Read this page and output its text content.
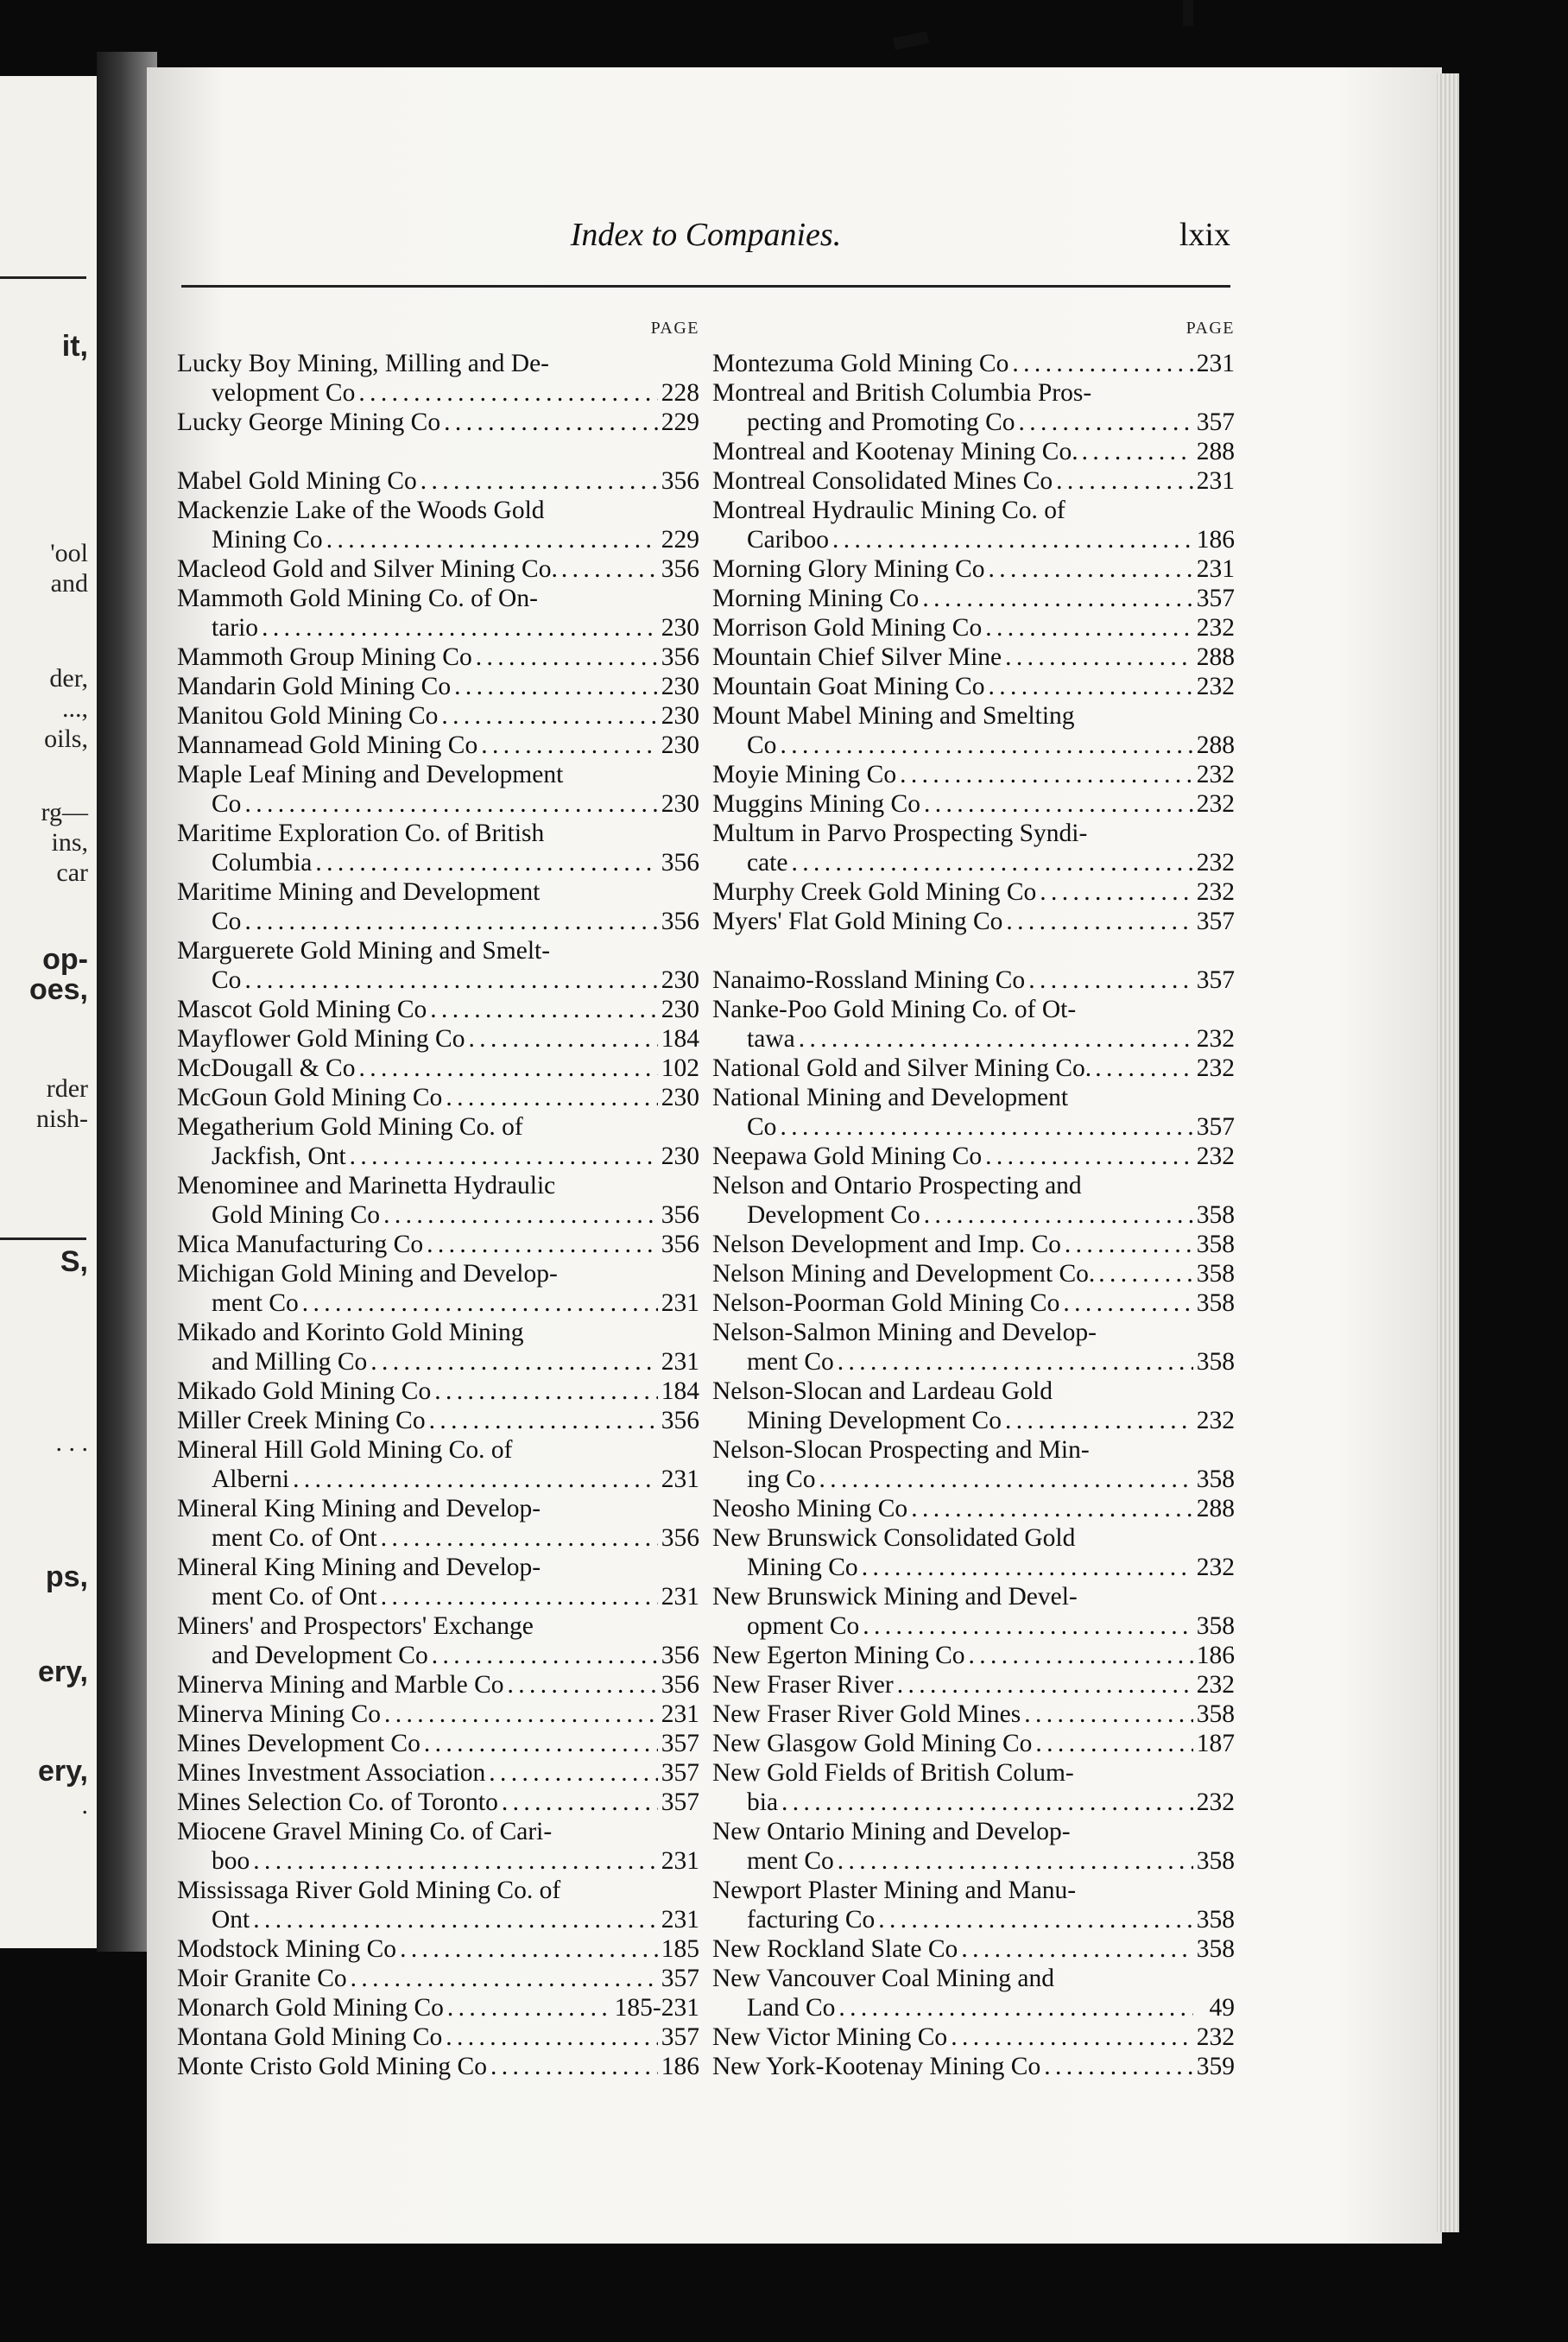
it,
'ool
and
der,
...,
oils,
rg—
ins,
car
op-
oes,
rder
nish-
S,
. . .
ps,
ery,
ery,
.
Index to Companies.	lxix
PAGE
Lucky Boy Mining, Milling and De-
velopment Co . . .	228
Lucky George Mining Co . . .	229
Mabel Gold Mining Co . . .	356
Mackenzie Lake of the Woods Gold
Mining Co . . .	229
Macleod Gold and Silver Mining Co. . . .	356
Mammoth Gold Mining Co. of On-
tario . . .	230
Mammoth Group Mining Co . . .	356
Mandarin Gold Mining Co . . .	230
Manitou Gold Mining Co . . .	230
Mannamead Gold Mining Co . . .	230
Maple Leaf Mining and Development
Co . . .	230
Maritime Exploration Co. of British
Columbia . . .	356
Maritime Mining and Development
Co . . .	356
Marguerete Gold Mining and Smelt-
Co . . .	230
Mascot Gold Mining Co . . .	230
Mayflower Gold Mining Co . . .	184
McDougall & Co . . .	102
McGoun Gold Mining Co . . .	230
Megatherium Gold Mining Co. of
Jackfish, Ont . . .	230
Menominee and Marinetta Hydraulic
Gold Mining Co . . .	356
Mica Manufacturing Co . . .	356
Michigan Gold Mining and Develop-
ment Co . . .	231
Mikado and Korinto Gold Mining
and Milling Co . . .	231
Mikado Gold Mining Co . . .	184
Miller Creek Mining Co . . .	356
Mineral Hill Gold Mining Co. of
Alberni . . .	231
Mineral King Mining and Develop-
ment Co. of Ont . . .	356
Mineral King Mining and Develop-
ment Co. of Ont . . .	231
Miners' and Prospectors' Exchange
and Development Co . . .	356
Minerva Mining and Marble Co . . .	356
Minerva Mining Co . . .	231
Mines Development Co . . .	357
Mines Investment Association . . .	357
Mines Selection Co. of Toronto . . .	357
Miocene Gravel Mining Co. of Cari-
boo . . .	231
Mississaga River Gold Mining Co. of
Ont . . .	231
Modstock Mining Co . . .	185
Moir Granite Co . . .	357
Monarch Gold Mining Co . . .	185-231
Montana Gold Mining Co . . .	357
Monte Cristo Gold Mining Co . . .	186
PAGE
Montezuma Gold Mining Co . . .	231
Montreal and British Columbia Pros-
pecting and Promoting Co . . .	357
Montreal and Kootenay Mining Co. . . .	288
Montreal Consolidated Mines Co . . .	231
Montreal Hydraulic Mining Co. of
Cariboo . . .	186
Morning Glory Mining Co . . .	231
Morning Mining Co . . .	357
Morrison Gold Mining Co . . .	232
Mountain Chief Silver Mine . . .	288
Mountain Goat Mining Co . . .	232
Mount Mabel Mining and Smelting
Co . . .	288
Moyie Mining Co . . .	232
Muggins Mining Co . . .	232
Multum in Parvo Prospecting Syndi-
cate . . .	232
Murphy Creek Gold Mining Co . . .	232
Myers' Flat Gold Mining Co . . .	357
Nanaimo-Rossland Mining Co . . .	357
Nanke-Poo Gold Mining Co. of Ot-
tawa . . .	232
National Gold and Silver Mining Co. . . .	232
National Mining and Development
Co . . .	357
Neepawa Gold Mining Co . . .	232
Nelson and Ontario Prospecting and
Development Co . . .	358
Nelson Development and Imp. Co . . .	358
Nelson Mining and Development Co. . . .	358
Nelson-Poorman Gold Mining Co . . .	358
Nelson-Salmon Mining and Develop-
ment Co . . .	358
Nelson-Slocan and Lardeau Gold
Mining Development Co . . .	232
Nelson-Slocan Prospecting and Min-
ing Co . . .	358
Neosho Mining Co . . .	288
New Brunswick Consolidated Gold
Mining Co . . .	232
New Brunswick Mining and Devel-
opment Co . . .	358
New Egerton Mining Co . . .	186
New Fraser River . . .	232
New Fraser River Gold Mines . . .	358
New Glasgow Gold Mining Co . . .	187
New Gold Fields of British Colum-
bia . . .	232
New Ontario Mining and Develop-
ment Co . . .	358
Newport Plaster Mining and Manu-
facturing Co . . .	358
New Rockland Slate Co . . .	358
New Vancouver Coal Mining and
Land Co . . .	49
New Victor Mining Co . . .	232
New York-Kootenay Mining Co . . .	359
